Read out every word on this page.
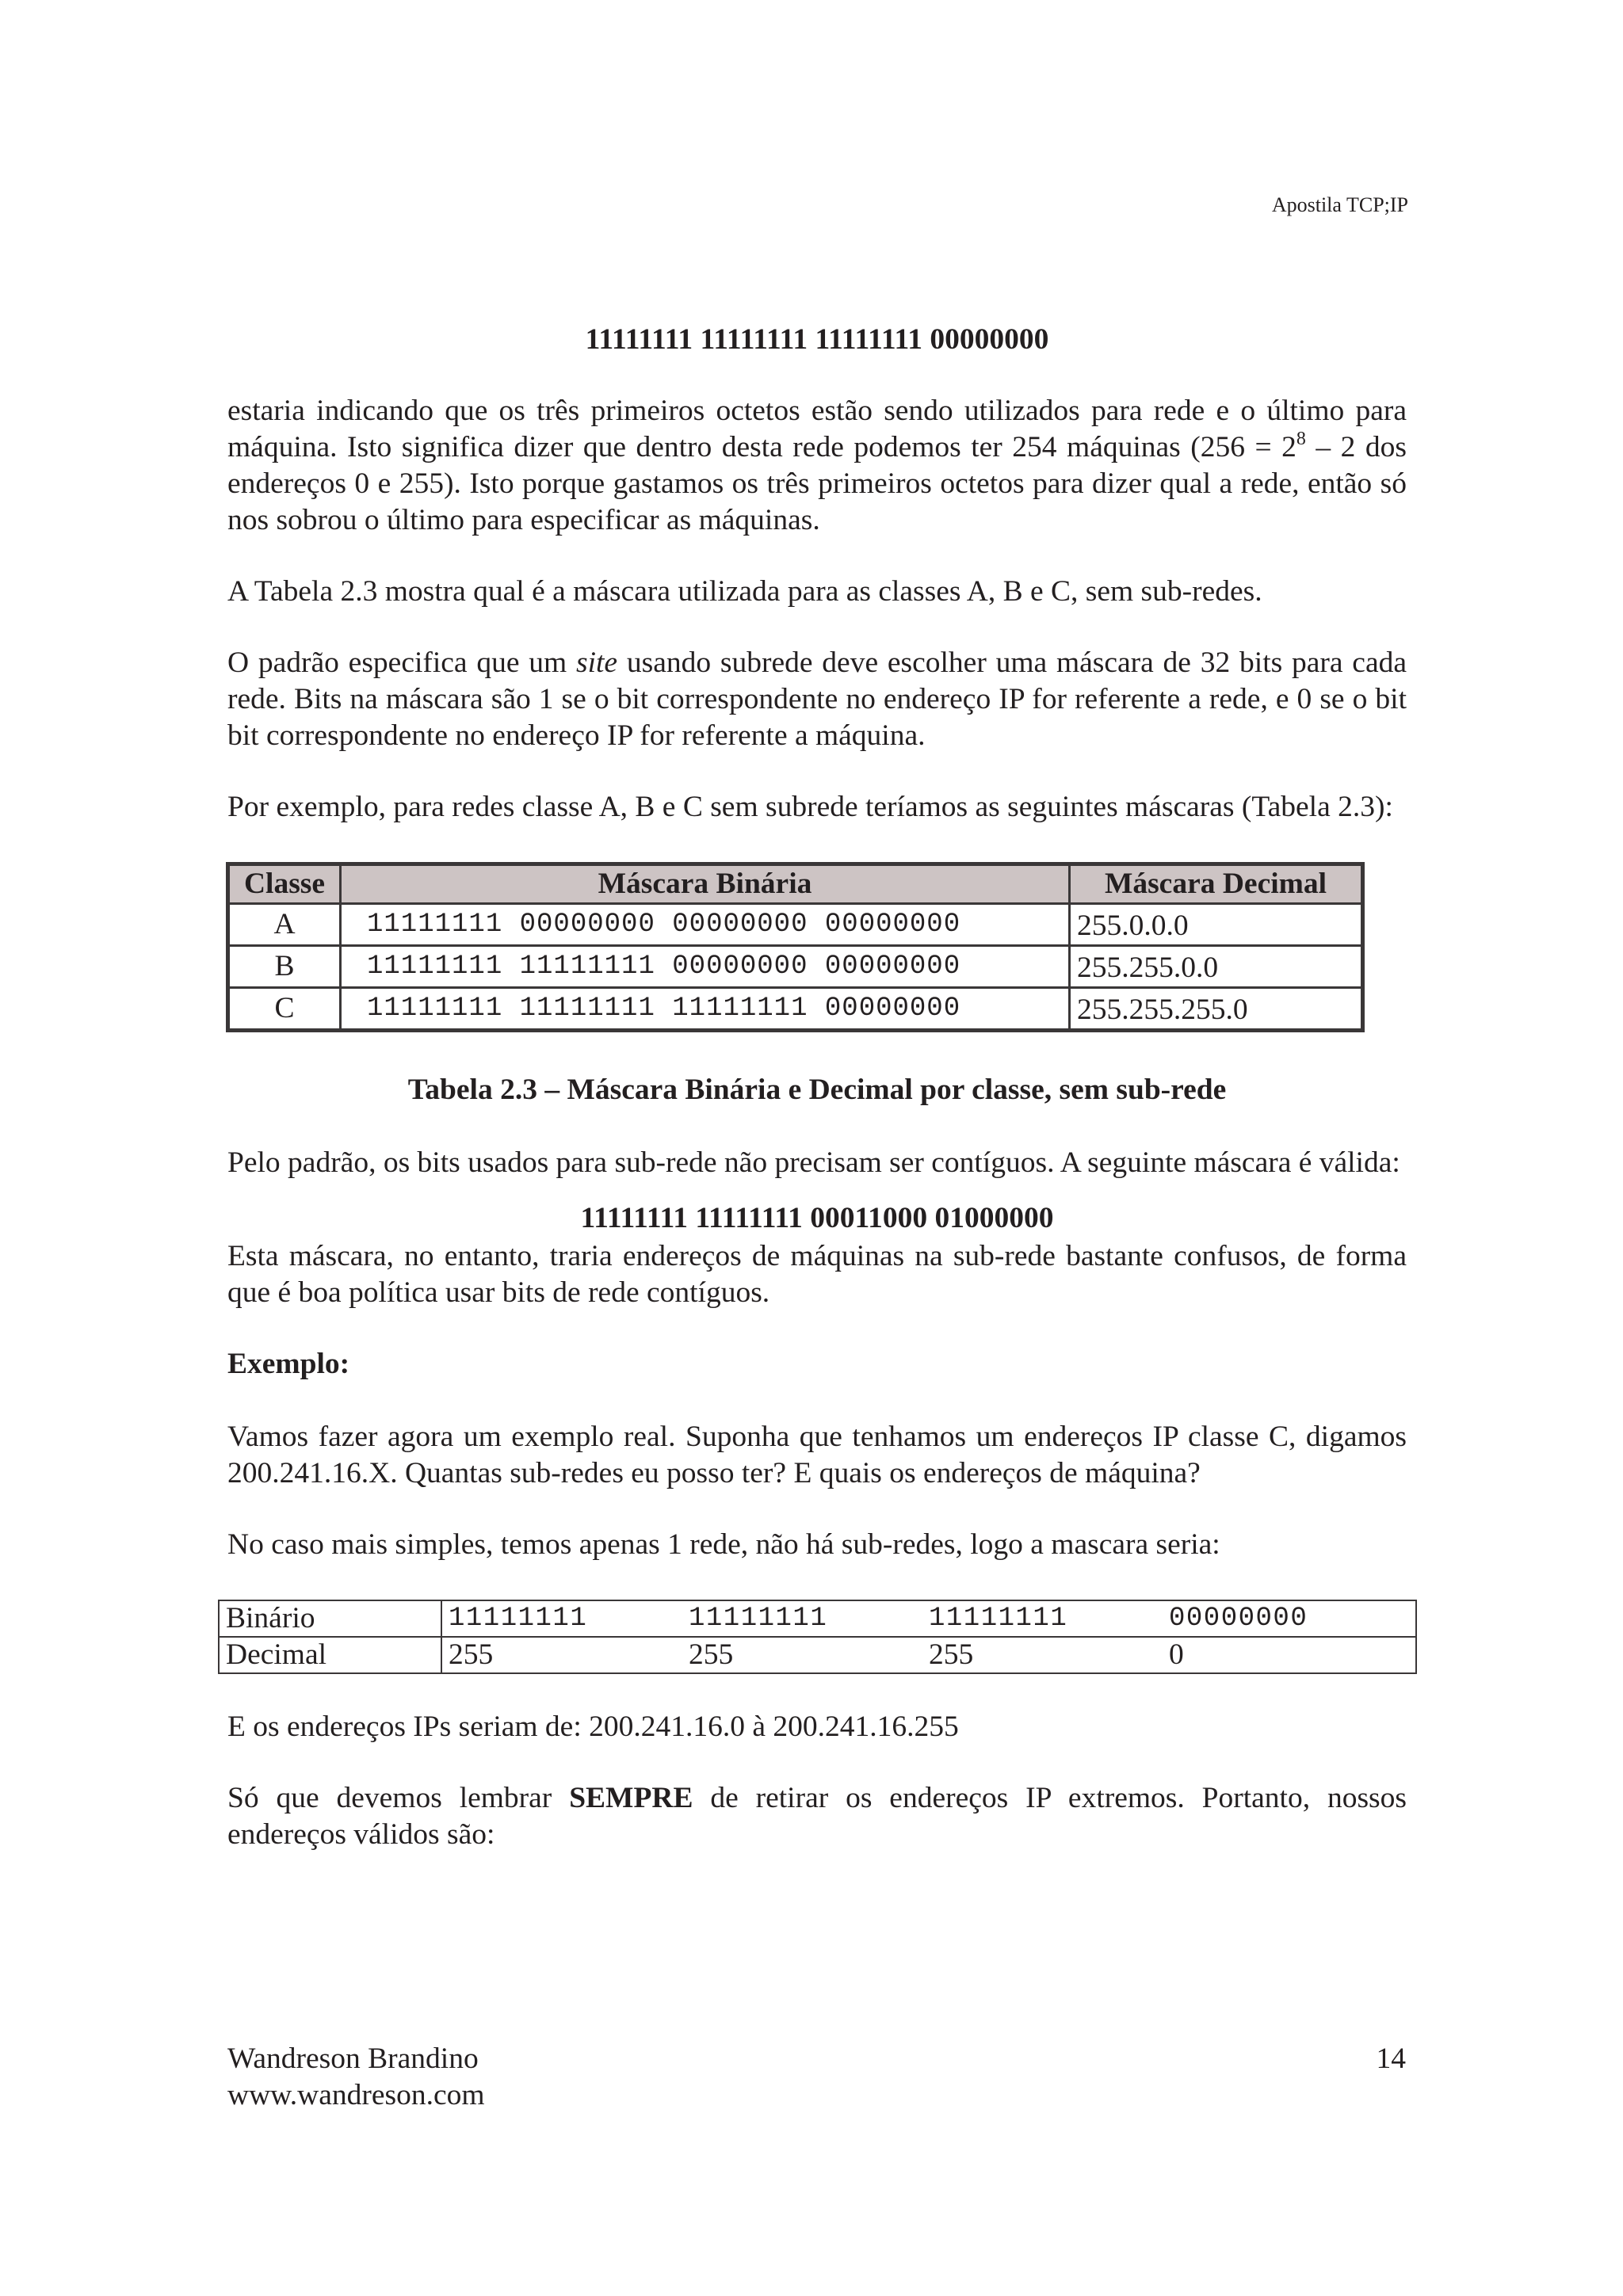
Apostila TCP;IP
11111111 11111111 11111111 00000000

estaria indicando que os três primeiros octetos estão sendo utilizados para rede e o último para máquina. Isto significa dizer que dentro desta rede podemos ter 254 máquinas ($256 = 2^8 - 2$ dos endereços 0 e 255). Isto porque gastamos os três primeiros octetos para dizer qual a rede, então só nos sobrou o último para especificar as máquinas.

A Tabela 2.3 mostra qual é a máscara utilizada para as classes A, B e C, sem sub-redes.

O padrão especifica que um site usando subrede deve escolher uma máscara de 32 bits para cada rede. Bits na máscara são 1 se o bit correspondente no endereço IP for referente a rede, e 0 se o bit bit correspondente no endereço IP for referente a máquina.

Por exemplo, para redes classe A, B e C sem subrede teríamos as seguintes máscaras (Tabela 2.3):

Classe	Máscara Binária	Máscara Decimal
A	11111111 00000000 00000000 00000000	255.0.0.0
B	11111111 11111111 00000000 00000000	255.255.0.0
C	11111111 11111111 11111111 00000000	255.255.255.0
Tabela 2.3 – Máscara Binária e Decimal por classe, sem sub-rede

Pelo padrão, os bits usados para sub-rede não precisam ser contíguos. A seguinte máscara é válida:

11111111 11111111 00011000 01000000

Esta máscara, no entanto, traria endereços de máquinas na sub-rede bastante confusos, de forma que é boa política usar bits de rede contíguos.

Exemplo:

Vamos fazer agora um exemplo real. Suponha que tenhamos um endereços IP classe C, digamos 200.241.16.X. Quantas sub-redes eu posso ter? E quais os endereços de máquina?

No caso mais simples, temos apenas 1 rede, não há sub-redes, logo a mascara seria:

Binário	11111111 11111111 11111111 00000000

Decimal	255 255 255 0

E os endereços IPs seriam de: 200.241.16.0 à 200.241.16.255

Só que devemos lembrar SEMPRE de retirar os endereços IP extremos. Portanto, nossos endereços válidos são:

Wandreson Brandino
www.wandreson.com
14
